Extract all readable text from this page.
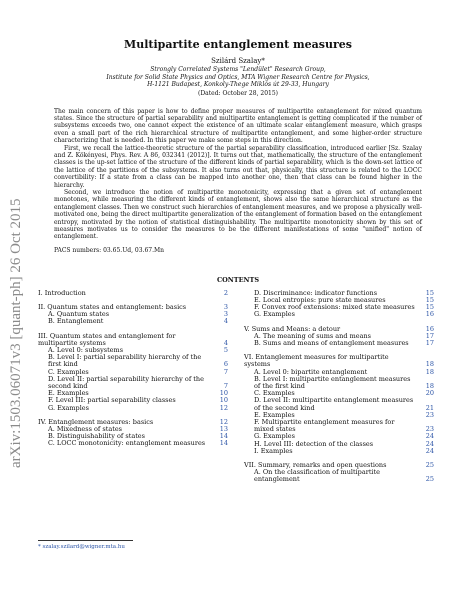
arXiv:1503.06071v3 [quant-ph] 26 Oct 2015
Multipartite entanglement measures
Szilárd Szalay*
Strongly Correlated Systems "Lendület" Research Group,
Institute for Solid State Physics and Optics, MTA Wigner Research Centre for Physics,
H-1121 Budapest, Konkoly-Thege Miklós út 29-33, Hungary
(Dated: October 28, 2015)

The main concern of this paper is how to define proper measures of multipartite entanglement for mixed quantum states. Since the structure of partial separability and multipartite entanglement is getting complicated if the number of subsystems exceeds two, one cannot expect the existence of an ultimate scalar entanglement measure, which grasps even a small part of the rich hierarchical structure of multipartite entanglement, and some higher-order structure characterizing that is needed. In this paper we make some steps in this direction.

First, we recall the lattice-theoretic structure of the partial separability classification, introduced earlier [Sz. Szalay and Z. Kökényesi, Phys. Rev. A 86, 032341 (2012)]. It turns out that, mathematically, the structure of the entanglement classes is the up-set lattice of the structure of the different kinds of partial separability, which is the down-set lattice of the lattice of the partitions of the subsystems. It also turns out that, physically, this structure is related to the LOCC convertibility: If a state from a class can be mapped into another one, then that class can be found higher in the hierarchy.

Second, we introduce the notion of multipartite monotonicity, expressing that a given set of entanglement monotones, while measuring the different kinds of entanglement, shows also the same hierarchical structure as the entanglement classes. Then we construct such hierarchies of entanglement measures, and we propose a physically well-motivated one, being the direct multipartite generalization of the entanglement of formation based on the entanglement entropy, motivated by the notion of statistical distinguishability. The multipartite monotonicity shown by this set of measures motivates us to consider the measures to be the different manifestations of some "unified" notion of entanglement.

PACS numbers: 03.65.Ud, 03.67.Mn
CONTENTS
I. Introduction	2
II. Quantum states and entanglement: basics	3
A. Quantum states	3
B. Entanglement	4
III. Quantum states and entanglement for multipartite systems	4
A. Level 0: subsystems	5
B. Level I: partial separability hierarchy of the first kind	6
C. Examples	7
D. Level II: partial separability hierarchy of the second kind	7
E. Examples	10
F. Level III: partial separability classes	10
G. Examples	12
IV. Entanglement measures: basics	12
A. Mixedness of states	13
B. Distinguishability of states	14
C. LOCC monotonicity: entanglement measures	14
D. Discriminance: indicator functions	15
E. Local entropies: pure state measures	15
F. Convex roof extensions: mixed state measures	15
G. Examples	16
V. Sums and Means: a detour	16
A. The meaning of sums and means	17
B. Sums and means of entanglement measures	17
VI. Entanglement measures for multipartite systems	18
A. Level 0: bipartite entanglement	18
B. Level I: multipartite entanglement measures of the first kind	18
C. Examples	20
D. Level II: multipartite entanglement measures of the second kind	21
E. Examples	23
F. Multipartite entanglement measures for mixed states	23
G. Examples	24
H. Level III: detection of the classes	24
I. Examples	24
VII. Summary, remarks and open questions	25
A. On the classification of multipartite entanglement	25
* szalay.szilard@wigner.mta.hu
